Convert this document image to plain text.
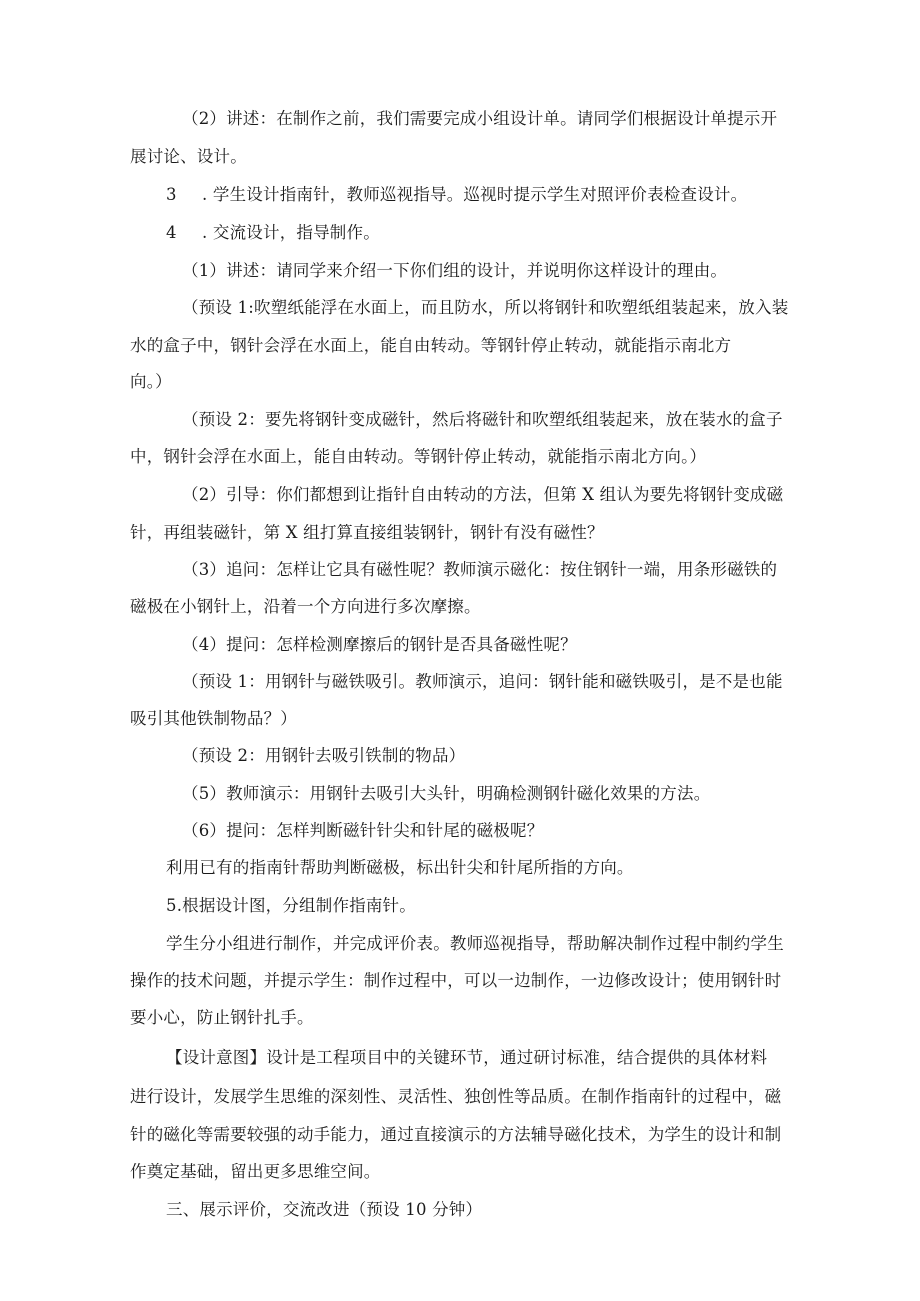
（2）讲述：在制作之前，我们需要完成小组设计单。请同学们根据设计单提示开
展讨论、设计。
3 . 学生设计指南针，教师巡视指导。巡视时提示学生对照评价表检查设计。
4 . 交流设计，指导制作。
（1）讲述：请同学来介绍一下你们组的设计，并说明你这样设计的理由。
（预设 1:吹塑纸能浮在水面上，而且防水，所以将钢针和吹塑纸组装起来，放入装
水的盒子中，钢针会浮在水面上，能自由转动。等钢针停止转动，就能指示南北方
向。）
（预设 2：要先将钢针变成磁针，然后将磁针和吹塑纸组装起来，放在装水的盒子
中，钢针会浮在水面上，能自由转动。等钢针停止转动，就能指示南北方向。）
（2）引导：你们都想到让指针自由转动的方法，但第 X 组认为要先将钢针变成磁
针，再组装磁针，第 X 组打算直接组装钢针，钢针有没有磁性？
（3）追问：怎样让它具有磁性呢？教师演示磁化：按住钢针一端，用条形磁铁的
磁极在小钢针上，沿着一个方向进行多次摩擦。
（4）提问：怎样检测摩擦后的钢针是否具备磁性呢？
（预设 1：用钢针与磁铁吸引。教师演示，追问：钢针能和磁铁吸引，是不是也能
吸引其他铁制物品？）
（预设 2：用钢针去吸引铁制的物品）
（5）教师演示：用钢针去吸引大头针，明确检测钢针磁化效果的方法。
（6）提问：怎样判断磁针针尖和针尾的磁极呢？
利用已有的指南针帮助判断磁极，标出针尖和针尾所指的方向。
5.根据设计图，分组制作指南针。
学生分小组进行制作，并完成评价表。教师巡视指导，帮助解决制作过程中制约学生
操作的技术问题，并提示学生：制作过程中，可以一边制作，一边修改设计；使用钢针时
要小心，防止钢针扎手。
【设计意图】设计是工程项目中的关键环节，通过研讨标准，结合提供的具体材料
进行设计，发展学生思维的深刻性、灵活性、独创性等品质。在制作指南针的过程中，磁
针的磁化等需要较强的动手能力，通过直接演示的方法辅导磁化技术，为学生的设计和制
作奠定基础，留出更多思维空间。
三、展示评价，交流改进（预设 10 分钟）
